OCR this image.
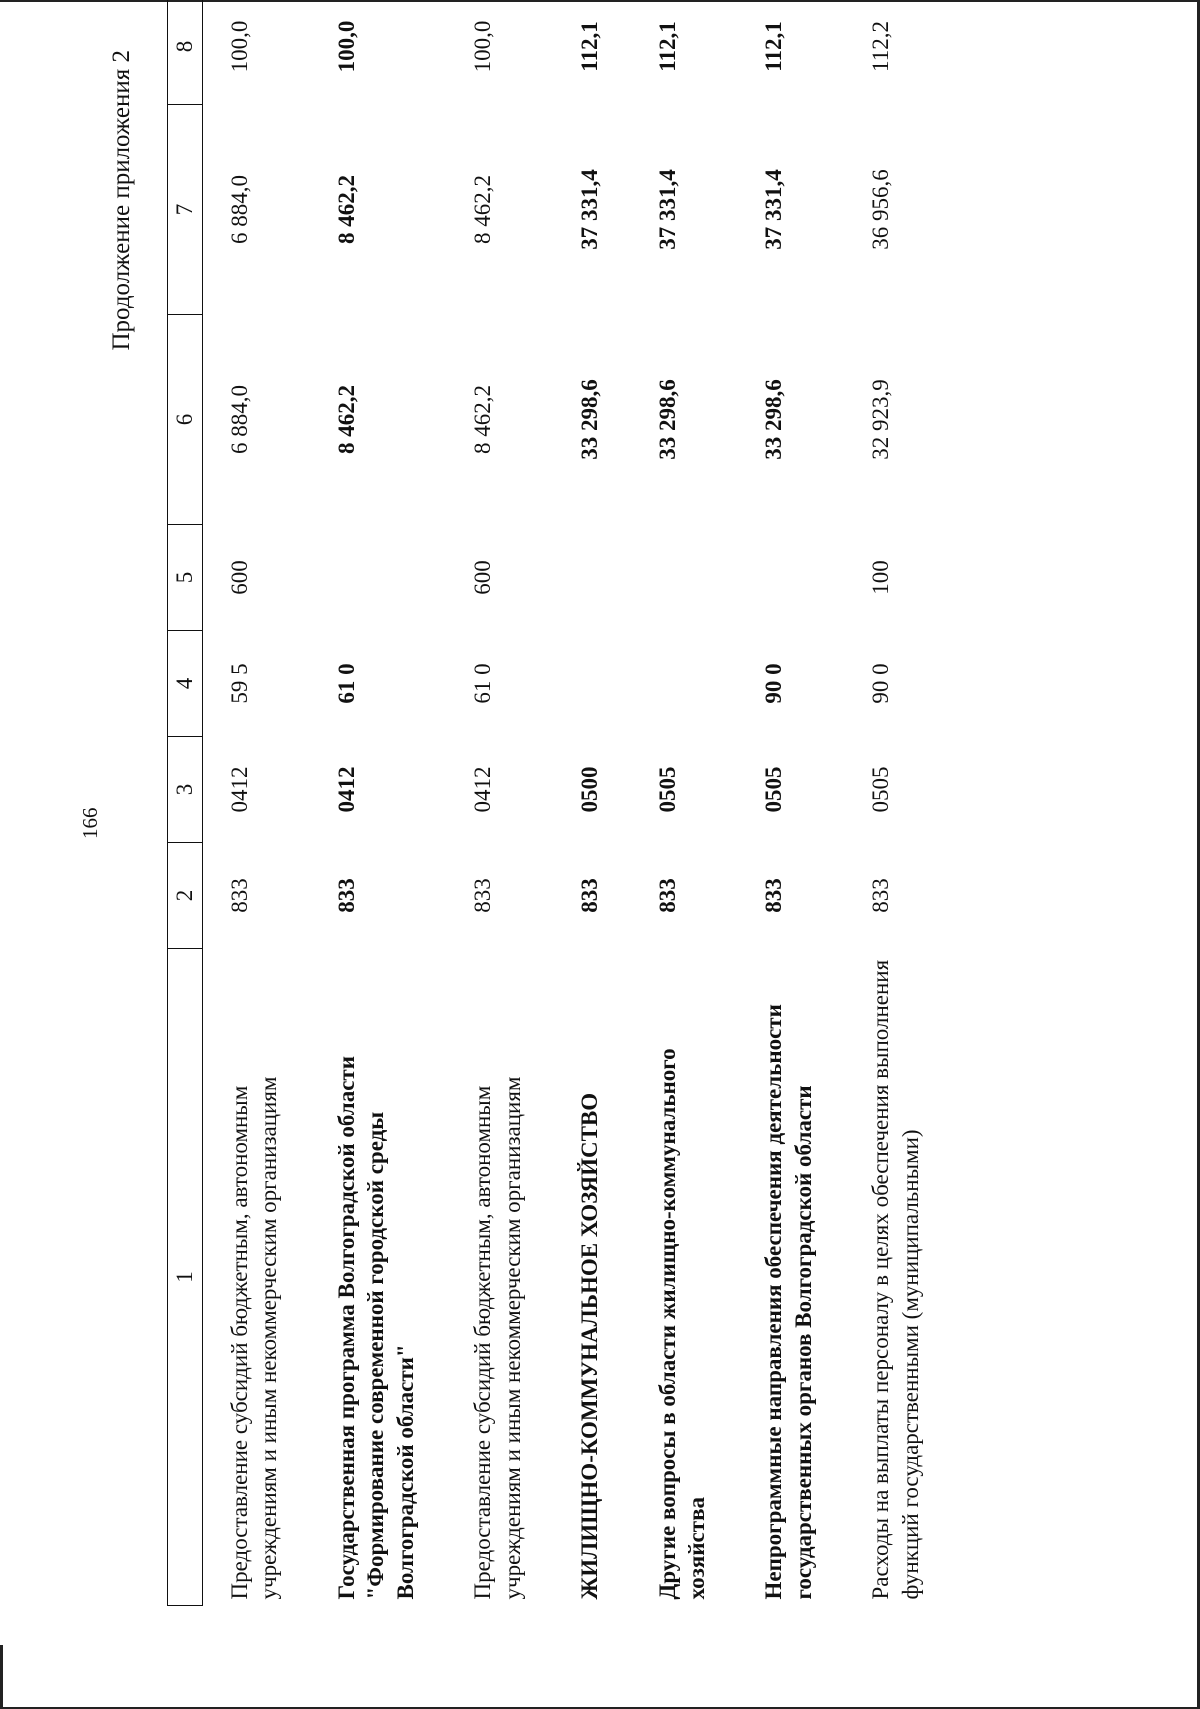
166
Продолжение приложения 2
1	2	3	4	5	6	7	8
Предоставление субсидий бюджетным, автономным учреждениям и иным некоммерческим организациям	833	0412	59 5	600	6 884,0	6 884,0	100,0
Государственная программа Волгоградской области "Формирование современной городской среды Волгоградской области"	833	0412	61 0		8 462,2	8 462,2	100,0
Предоставление субсидий бюджетным, автономным учреждениям и иным некоммерческим организациям	833	0412	61 0	600	8 462,2	8 462,2	100,0
ЖИЛИЩНО-КОММУНАЛЬНОЕ ХОЗЯЙСТВО	833	0500			33 298,6	37 331,4	112,1
Другие вопросы в области жилищно-коммунального хозяйства	833	0505			33 298,6	37 331,4	112,1
Непрограммные направления обеспечения деятельности государственных органов Волгоградской области	833	0505	90 0		33 298,6	37 331,4	112,1
Расходы на выплаты персоналу в целях обеспечения выполнения функций государственными (муниципальными)	833	0505	90 0	100	32 923,9	36 956,6	112,2
